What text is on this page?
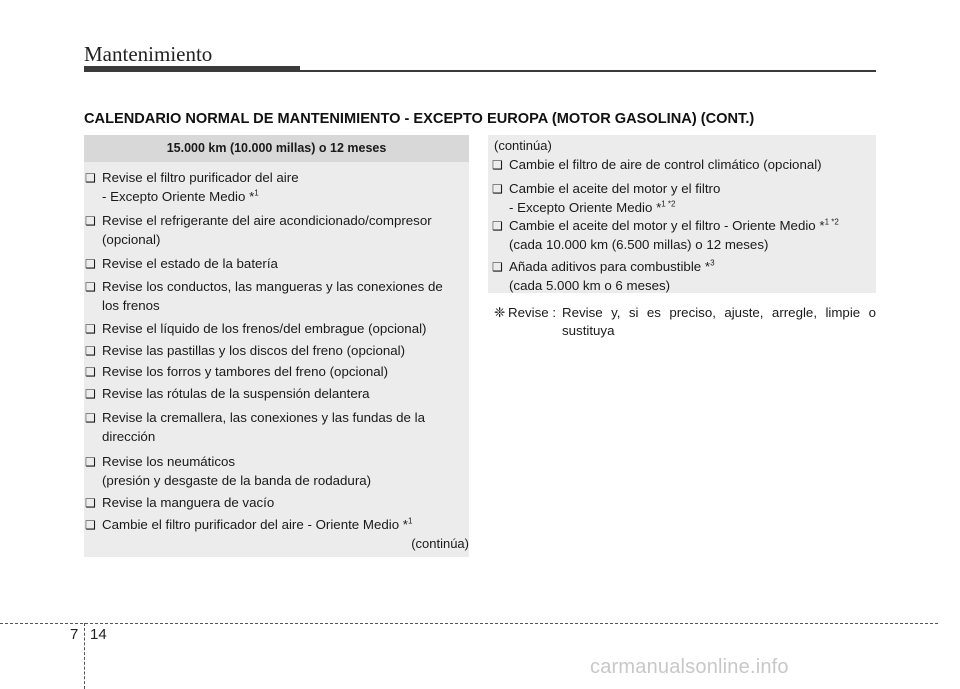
Mantenimiento
CALENDARIO NORMAL DE MANTENIMIENTO - EXCEPTO EUROPA (MOTOR GASOLINA) (CONT.)
15.000 km (10.000 millas) o 12 meses
❑ Revise el filtro purificador del aire
- Excepto Oriente Medio *$^1$
❑ Revise el refrigerante del aire acondicionado/compresor
(opcional)
❑ Revise el estado de la batería
❑ Revise los conductos, las mangueras y las conexiones de
los frenos
❑ Revise el líquido de los frenos/del embrague (opcional)
❑ Revise las pastillas y los discos del freno (opcional)
❑ Revise los forros y tambores del freno (opcional)
❑ Revise las rótulas de la suspensión delantera
❑ Revise la cremallera, las conexiones y las fundas de la
dirección
❑ Revise los neumáticos
(presión y desgaste de la banda de rodadura)
❑ Revise la manguera de vacío
❑ Cambie el filtro purificador del aire - Oriente Medio *$^1$
(continúa)
(continúa)
❑ Cambie el filtro de aire de control climático (opcional)
❑ Cambie el aceite del motor y el filtro
- Excepto Oriente Medio *$^{1 *2}$
❑ Cambie el aceite del motor y el filtro - Oriente Medio *$^{1 *2}$
(cada 10.000 km (6.500 millas) o 12 meses)
❑ Añada aditivos para combustible *$^3$
(cada 5.000 km o 6 meses)
❈ Revise : Revise y, si es preciso, ajuste, arregle, limpie o sustituya
7 14
carmanualsonline.info
